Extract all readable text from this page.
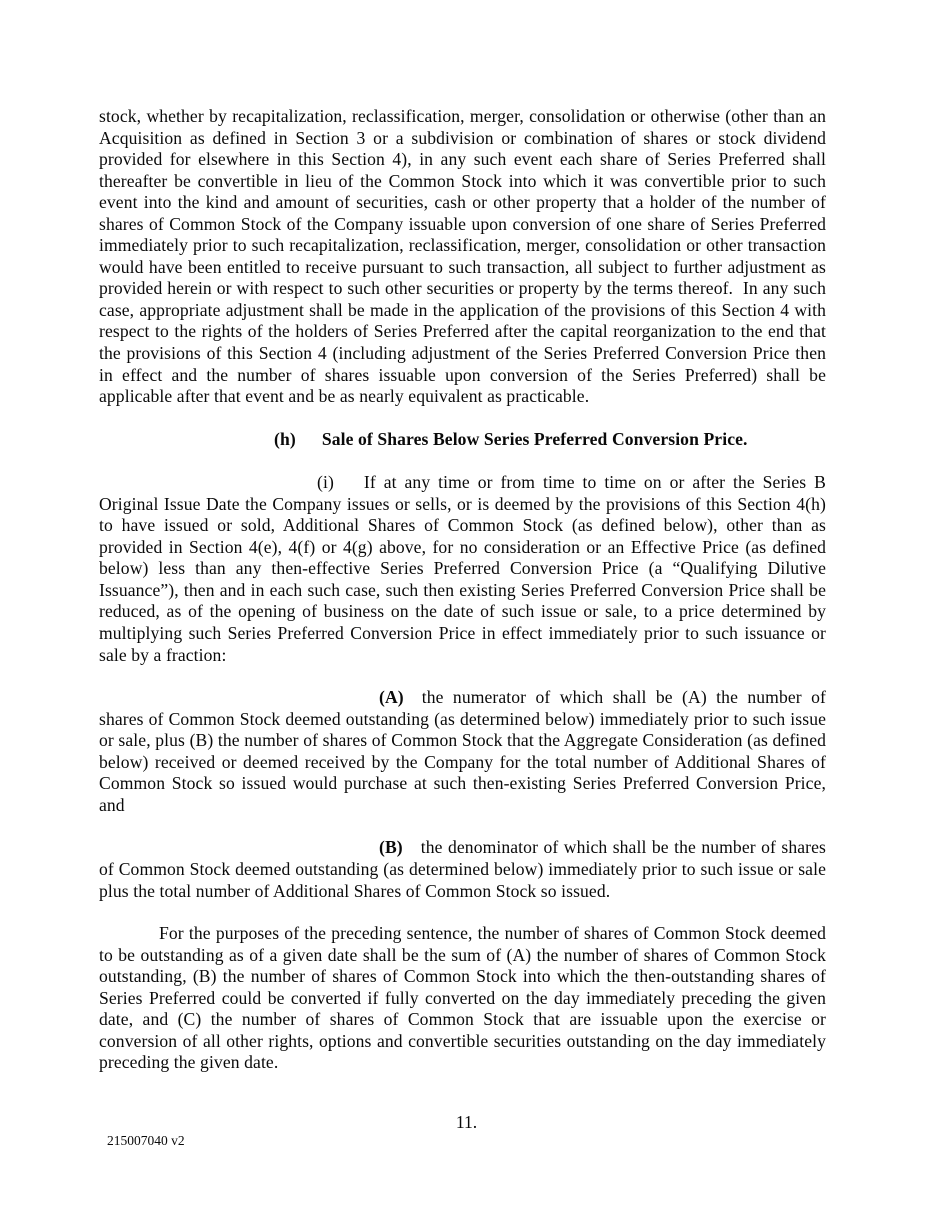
stock, whether by recapitalization, reclassification, merger, consolidation or otherwise (other than an Acquisition as defined in Section 3 or a subdivision or combination of shares or stock dividend provided for elsewhere in this Section 4), in any such event each share of Series Preferred shall thereafter be convertible in lieu of the Common Stock into which it was convertible prior to such event into the kind and amount of securities, cash or other property that a holder of the number of shares of Common Stock of the Company issuable upon conversion of one share of Series Preferred immediately prior to such recapitalization, reclassification, merger, consolidation or other transaction would have been entitled to receive pursuant to such transaction, all subject to further adjustment as provided herein or with respect to such other securities or property by the terms thereof.  In any such case, appropriate adjustment shall be made in the application of the provisions of this Section 4 with respect to the rights of the holders of Series Preferred after the capital reorganization to the end that the provisions of this Section 4 (including adjustment of the Series Preferred Conversion Price then in effect and the number of shares issuable upon conversion of the Series Preferred) shall be applicable after that event and be as nearly equivalent as practicable.

(h) Sale of Shares Below Series Preferred Conversion Price.

(i) If at any time or from time to time on or after the Series B Original Issue Date the Company issues or sells, or is deemed by the provisions of this Section 4(h) to have issued or sold, Additional Shares of Common Stock (as defined below), other than as provided in Section 4(e), 4(f) or 4(g) above, for no consideration or an Effective Price (as defined below) less than any then-effective Series Preferred Conversion Price (a “Qualifying Dilutive Issuance”), then and in each such case, such then existing Series Preferred Conversion Price shall be reduced, as of the opening of business on the date of such issue or sale, to a price determined by multiplying such Series Preferred Conversion Price in effect immediately prior to such issuance or sale by a fraction:

(A) the numerator of which shall be (A) the number of shares of Common Stock deemed outstanding (as determined below) immediately prior to such issue or sale, plus (B) the number of shares of Common Stock that the Aggregate Consideration (as defined below) received or deemed received by the Company for the total number of Additional Shares of Common Stock so issued would purchase at such then-existing Series Preferred Conversion Price, and

(B) the denominator of which shall be the number of shares of Common Stock deemed outstanding (as determined below) immediately prior to such issue or sale plus the total number of Additional Shares of Common Stock so issued.

For the purposes of the preceding sentence, the number of shares of Common Stock deemed to be outstanding as of a given date shall be the sum of (A) the number of shares of Common Stock outstanding, (B) the number of shares of Common Stock into which the then-outstanding shares of Series Preferred could be converted if fully converted on the day immediately preceding the given date, and (C) the number of shares of Common Stock that are issuable upon the exercise or conversion of all other rights, options and convertible securities outstanding on the day immediately preceding the given date.

11.
215007040 v2
